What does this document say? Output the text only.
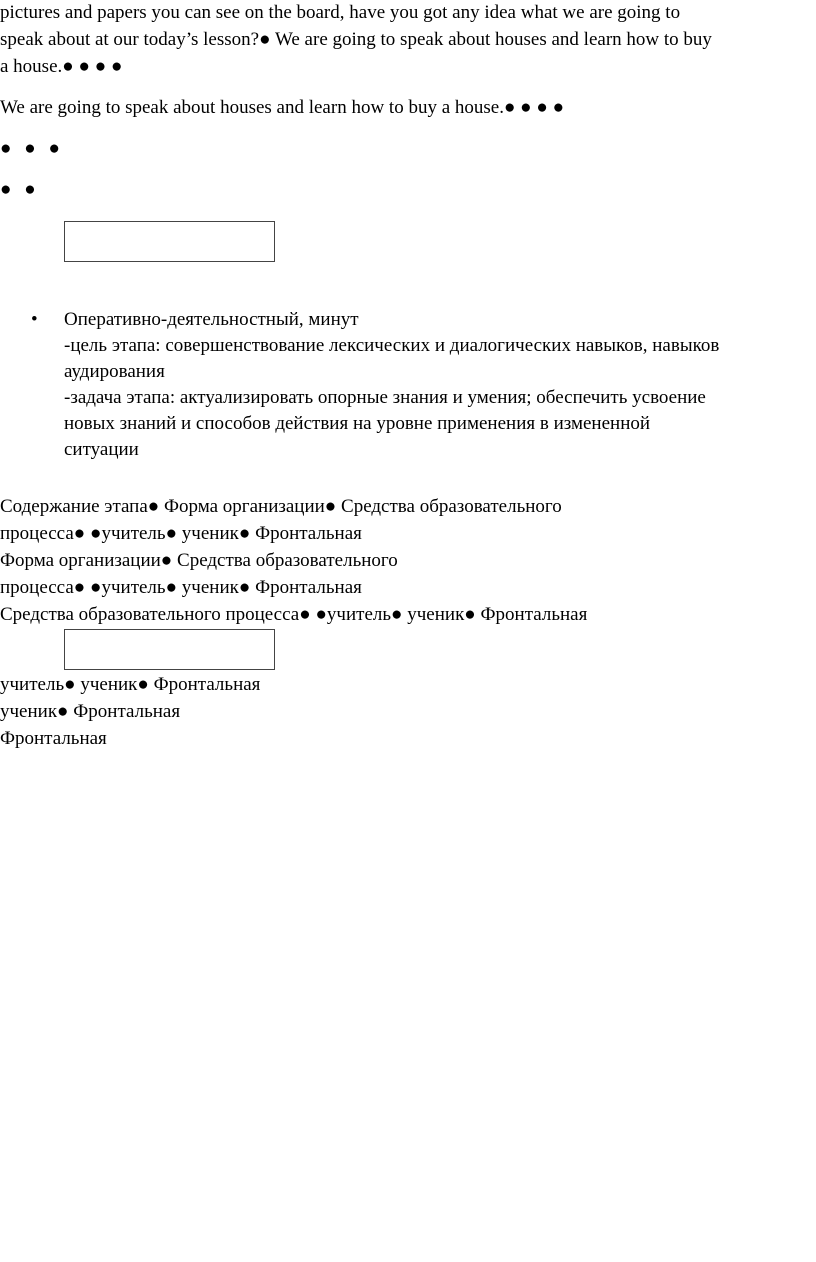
pictures and papers you can see on the board, have you got any idea what we are going to
speak about at our today’s lesson?● We are going to speak about houses and learn how to buy
a house.● ● ● ●
We are going to speak about houses and learn how to buy a house.● ● ● ●
● ● ●
● ●
• Оперативно-деятельностный, минут
-цель этапа: совершенствование лексических и диалогических навыков, навыков
аудирования
-задача этапа: актуализировать опорные знания и умения; обеспечить усвоение
новых знаний и способов действия на уровне применения в измененной
ситуации
Содержание этапа● Форма организации● Средства образовательного
процесса● ●учитель● ученик● Фронтальная
Форма организации● Средства образовательного
процесса● ●учитель● ученик● Фронтальная
Средства образовательного процесса● ●учитель● ученик● Фронтальная
учитель● ученик● Фронтальная
ученик● Фронтальная
Фронтальная
